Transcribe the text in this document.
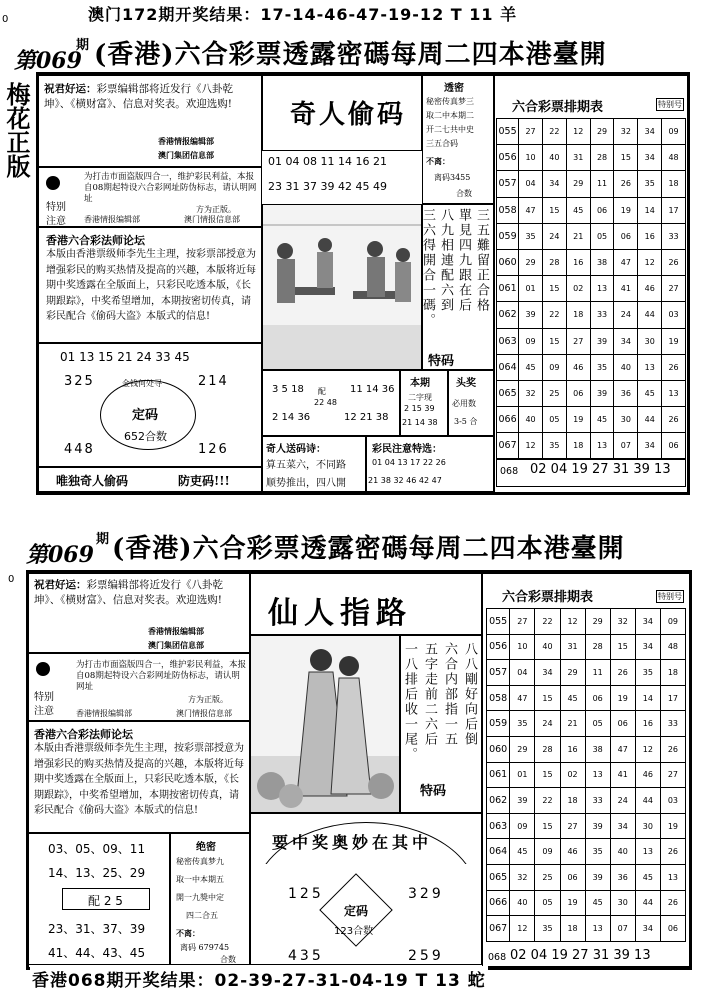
澳门172期开奖结果：17-14-46-47-19-12 T 11 羊
0
第069
期 (香港)六合彩票透露密碼每周二四本港臺開
梅花正版 祝君好运：彩票编辑部将近发行《八卦乾坤》、《横财富》、信息对奖表。欢迎选购!
香港情报编辑部
澳门集团信息部
特别
注意
为打击市面盗版四合一，维护彩民利益，本报自08期起特设六合彩网址防伪标志，请认明网址
方为正版。
香港情报编辑部	澳门情报信息部
香港六合彩法师论坛
本版由香港票级师李先生主理，按彩票部授意为增强彩民的购买热情及提高的兴趣，本版将近每期中奖透露在全版面上，只彩民吃透本版，《长期跟踪》，中奖希望增加，本期按密切传真，请彩民配合《偷码大盗》本版式的信息!
01 13 15 21 24 33 45
325	214
448	126
金钱何处寻
定码
652合数
唯独奇人偷码	防吏码!!!
奇人偷码
01 04 08 11 14 16 21
23 31 37 39 42 45 49
3 5 18
2 14 36
配
22 48
11 14 36
12 21 38
本期
二字现
2 15 39
21 14 38
头奖
必用数
3-5 合
奇人送码诗：
算五菜六，不同路
顺势推出，四八開
彩民注意特选：
01 04 13 17 22 26
21 38 32 46 42 47
三五難留正合格
單見四九跟在后
八九相連配六到
三六得開合一碼。
特码
透密
秘密传真梦三
取二中本期二
开二七共中史
三五合码
不离：
离码3455
合数
六合彩票排期表	特别号
055	27	22	12	29	32	34	09
056	10	40	31	28	15	34	48
057	04	34	29	11	26	35	18
058	47	15	45	06	19	14	17
059	35	24	21	05	06	16	33
060	29	28	16	38	47	12	26
061	01	15	02	13	41	46	27
062	39	22	18	33	24	44	03
063	09	15	27	39	34	30	19
064	45	09	46	35	40	13	26
065	32	25	06	39	36	45	13
066	40	05	19	45	30	44	26
067	12	35	18	13	07	34	06
068 02 04 19 27 31 39 13
第069
期 (香港)六合彩票透露密碼每周二四本港臺開
0 祝君好运：彩票编辑部将近发行《八卦乾坤》、《横财富》、信息对奖表。欢迎选购!
香港情报编辑部
澳门集团信息部
特别
注意
为打击市面盗版四合一，维护彩民利益，本报自08期起特设六合彩网址防伪标志，请认明网址
方为正版。
香港情报编辑部	澳门情报信息部
香港六合彩法师论坛
本版由香港票级师李先生主理，按彩票部授意为增强彩民的购买热情及提高的兴趣，本版将近每期中奖透露在全版面上，只彩民吃透本版，《长期跟踪》，中奖希望增加，本期按密切传真，请彩民配合《偷码大盗》本版式的信息!
03、05、09、11
14、13、25、29
配 2 5
23、31、37、39
41、44、43、45
绝密
秘密传真梦九
取一中本期五
開一九獎中定
四二合五
不离：
离码 679745
合数
仙人指路
八八剛好向后倒
六合内部指一五
五字走前二六后
一八排后收一尾。
特码
要中奖奥妙在其中
125	329
435	259
定码
123合数
六合彩票排期表	特别号
055	27	22	12	29	32	34	09
056	10	40	31	28	15	34	48
057	04	34	29	11	26	35	18
058	47	15	45	06	19	14	17
059	35	24	21	05	06	16	33
060	29	28	16	38	47	12	26
061	01	15	02	13	41	46	27
062	39	22	18	33	24	44	03
063	09	15	27	39	34	30	19
064	45	09	46	35	40	13	26
065	32	25	06	39	36	45	13
066	40	05	19	45	30	44	26
067	12	35	18	13	07	34	06
068 02 04 19 27 31 39 13
香港068期开奖结果：02-39-27-31-04-19 T 13 蛇
